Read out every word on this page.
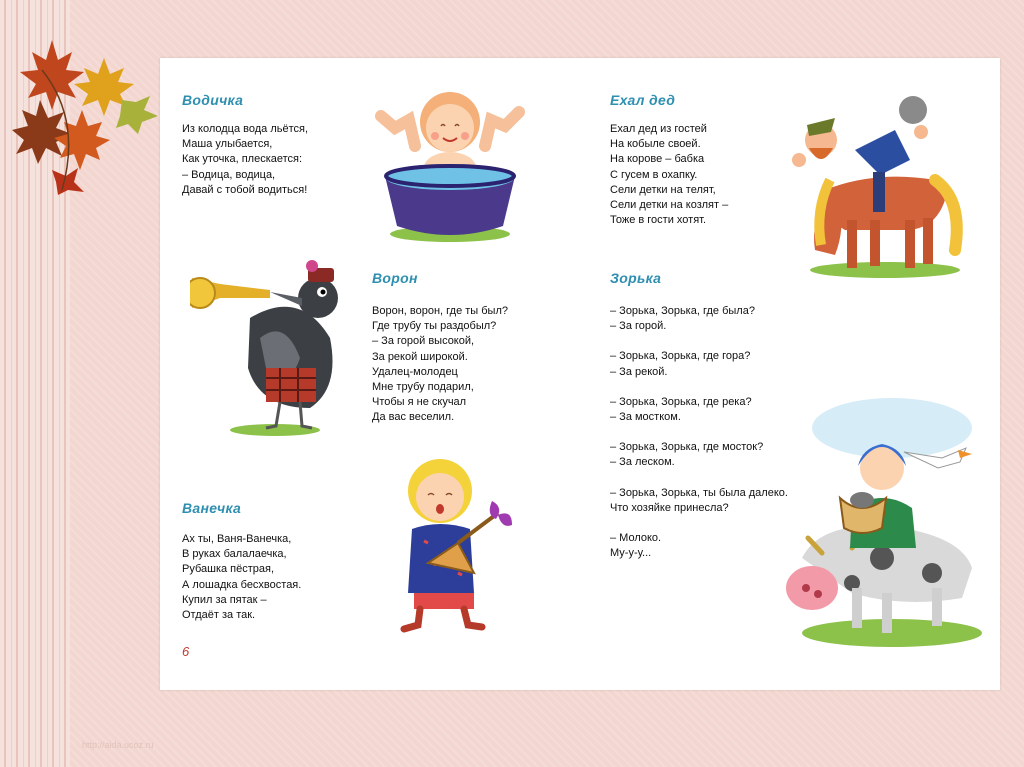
Водичка
Из колодца вода льётся,
Маша улыбается,
Как уточка, плескается:
– Водица, водица,
Давай с тобой водиться!
Ехал дед
Ехал дед из гостей
На кобыле своей.
На корове – бабка
С гусем в охапку.
Сели детки на телят,
Сели детки на козлят –
Тоже в гости хотят.
Ворон
Ворон, ворон, где ты был?
Где трубу ты раздобыл?
– За горой высокой,
За рекой широкой.
Удалец-молодец
Мне трубу подарил,
Чтобы я не скучал
Да вас веселил.
Зорька
– Зорька, Зорька, где была?
– За горой.
– Зорька, Зорька, где гора?
– За рекой.
– Зорька, Зорька, где река?
– За мостком.
– Зорька, Зорька, где мосток?
– За леском.
– Зорька, Зорька, ты была далеко.
Что хозяйке принесла?
– Молоко.
Му-у-у...
Ванечка
Ах ты, Ваня-Ванечка,
В руках балалаечка,
Рубашка пёстрая,
А лошадка бесхвостая.
Купил за пятак –
Отдаёт за так.
6
http://aida.ucoz.ru
